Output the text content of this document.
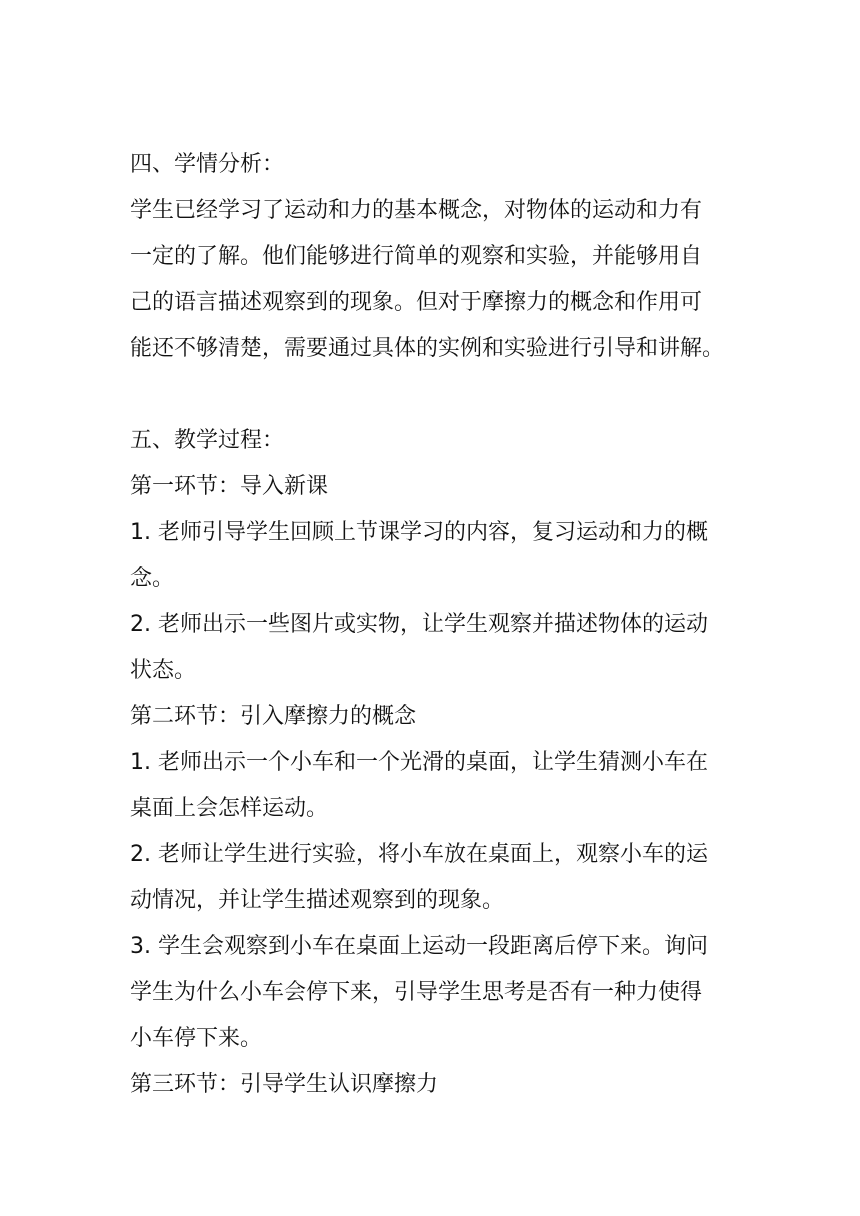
四、学情分析：

学生已经学习了运动和力的基本概念，对物体的运动和力有

一定的了解。他们能够进行简单的观察和实验，并能够用自

己的语言描述观察到的现象。但对于摩擦力的概念和作用可

能还不够清楚，需要通过具体的实例和实验进行引导和讲解。

五、教学过程：

第一环节：导入新课

1. 老师引导学生回顾上节课学习的内容，复习运动和力的概

念。

2. 老师出示一些图片或实物，让学生观察并描述物体的运动

状态。

第二环节：引入摩擦力的概念

1. 老师出示一个小车和一个光滑的桌面，让学生猜测小车在

桌面上会怎样运动。

2. 老师让学生进行实验，将小车放在桌面上，观察小车的运

动情况，并让学生描述观察到的现象。

3. 学生会观察到小车在桌面上运动一段距离后停下来。询问

学生为什么小车会停下来，引导学生思考是否有一种力使得

小车停下来。

第三环节：引导学生认识摩擦力
